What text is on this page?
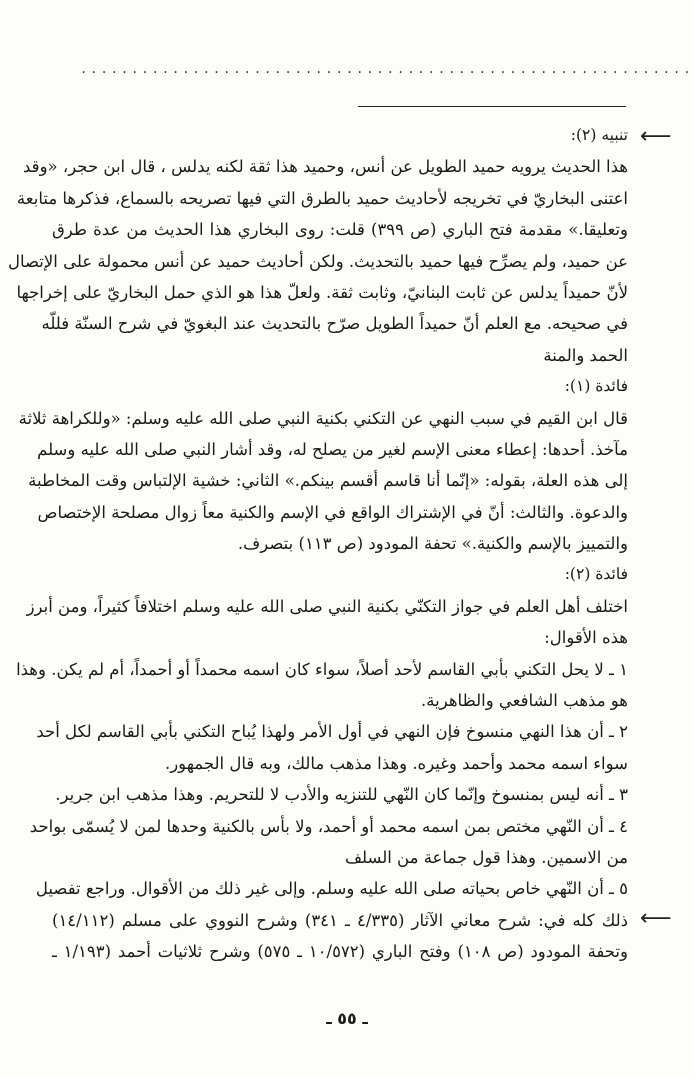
............................................................
⟵
⟵
تنبيه (٢):
هذا الحديث يرويه حميد الطويل عن أنس، وحميد هذا ثقة لكنه يدلس ، قال ابن حجر، «وقد
اعتنى البخاريّ في تخريجه لأحاديث حميد بالطرق التي فيها تصريحه بالسماع، فذكرها متابعة
وتعليقا.» مقدمة فتح الباري (ص ٣٩٩) قلت: روى البخاري هذا الحديث من عدة طرق
عن حميد، ولم يصرِّح فيها حميد بالتحديث. ولكن أحاديث حميد عن أنس محمولة على الإتصال
لأنّ حميداً يدلس عن ثابت البنانيّ، وثابت ثقة. ولعلّ هذا هو الذي حمل البخاريّ على إخراجها
في صحيحه. مع العلم أنّ حميداً الطويل صرّح بالتحديث عند البغويّ في شرح السنّة فللّه
الحمد والمنة
فائدة (١):
قال ابن القيم في سبب النهي عن التكني بكنية النبي صلى الله عليه وسلم: «وللكراهة ثلاثة
مآخذ. أحدها: إعطاء معنى الإسم لغير من يصلح له، وقد أشار النبي صلى الله عليه وسلم
إلى هذه العلة، بقوله: «إنّما أنا قاسم أقسم بينكم.» الثاني: خشية الإلتباس وقت المخاطبة
والدعوة. والثالث: أنّ في الإشتراك الواقع في الإسم والكنية معاً زوال مصلحة الإختصاص
والتمييز بالإسم والكنية.» تحفة المودود (ص ١١٣) بتصرف.
فائدة (٢):
اختلف أهل العلم في جواز التكنّي بكنية النبي صلى الله عليه وسلم اختلافاً كثيراً، ومن أبرز
هذه الأقوال:
١ ـ لا يحل التكني بأبي القاسم لأحد أصلاً، سواء كان اسمه محمداً أو أحمداً، أم لم يكن. وهذا
هو مذهب الشافعي والظاهرية.
٢ ـ أن هذا النهي منسوخ فإن النهي في أول الأمر ولهذا يُباح التكني بأبي القاسم لكل أحد
سواء اسمه محمد وأحمد وغيره. وهذا مذهب مالك، وبه قال الجمهور.
٣ ـ أنه ليس بمنسوخ وإنّما كان النّهي للتنزيه والأدب لا للتحريم. وهذا مذهب ابن جرير.
٤ ـ أن النّهي مختص بمن اسمه محمد أو أحمد، ولا بأس بالكنية وحدها لمن لا يُسمّى بواحد
من الاسمين. وهذا قول جماعة من السلف
٥ ـ أن النّهي خاص بحياته صلى الله عليه وسلم. وإلى غير ذلك من الأقوال. وراجع تفصيل
ذلك كله في: شرح معاني الآثار (٤/٣٣٥ ـ ٣٤١) وشرح النووي على مسلم (١٤/١١٢)
وتحفة المودود (ص ١٠٨) وفتح الباري (١٠/٥٧٢ ـ ٥٧٥) وشرح ثلاثيات أحمد (١/١٩٣ ـ
ـ ٥٥ ـ
